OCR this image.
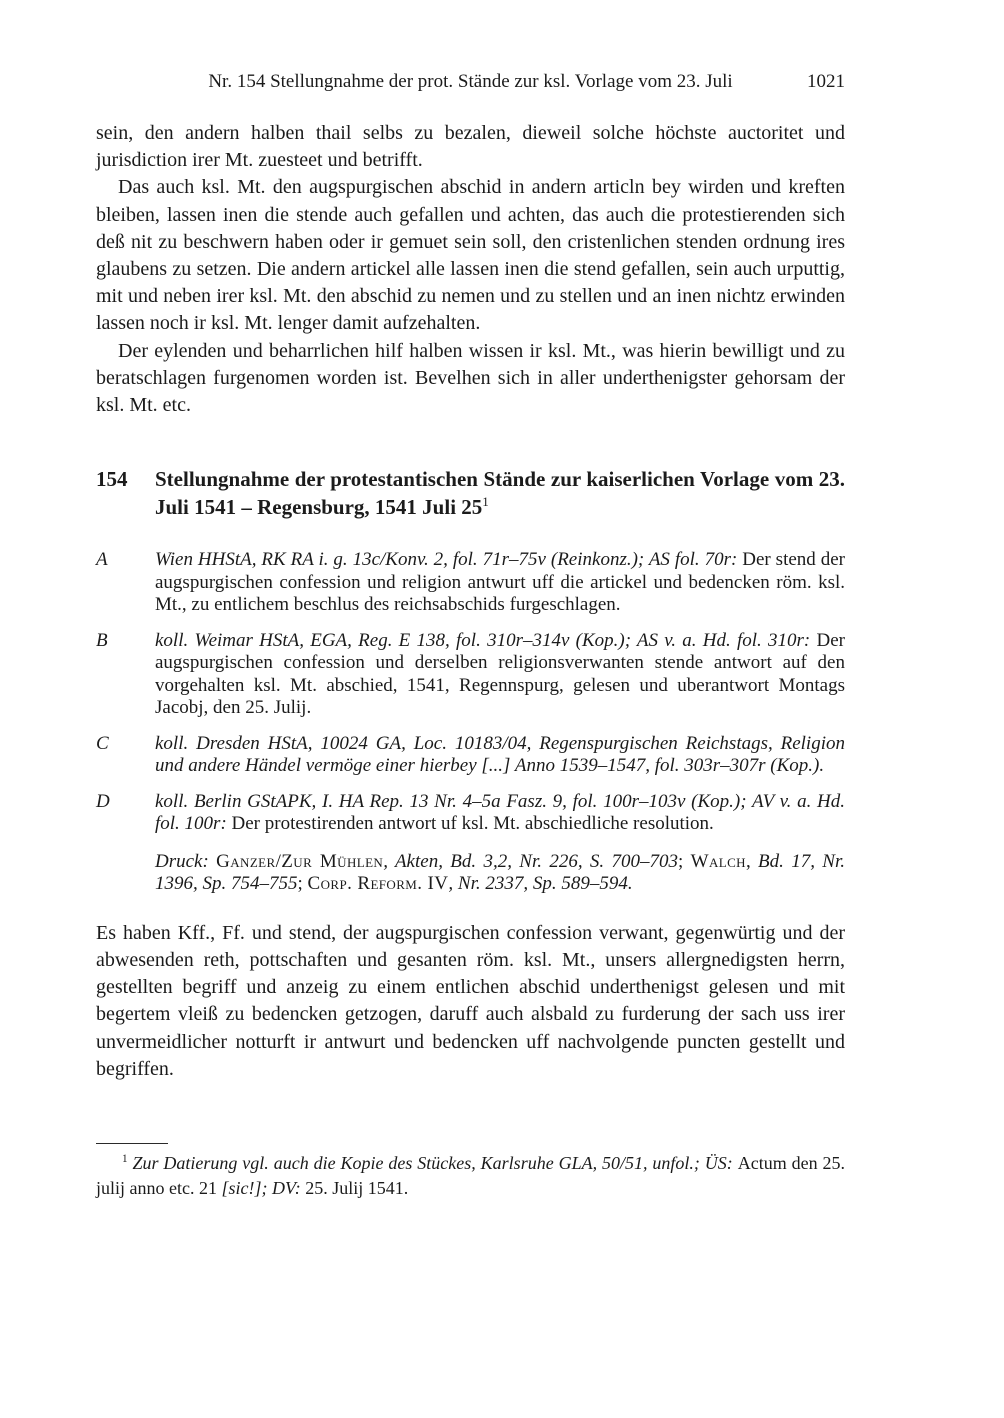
Nr. 154 Stellungnahme der prot. Stände zur ksl. Vorlage vom 23. Juli	1021

sein, den andern halben thail selbs zu bezalen, dieweil solche höchste auctoritet und jurisdiction irer Mt. zuesteet und betrifft.

Das auch ksl. Mt. den augspurgischen abschid in andern articln bey wirden und kreften bleiben, lassen inen die stende auch gefallen und achten, das auch die protestierenden sich deß nit zu beschwern haben oder ir gemuet sein soll, den cristenlichen stenden ordnung ires glaubens zu setzen. Die andern artickel alle lassen inen die stend gefallen, sein auch urputtig, mit und neben irer ksl. Mt. den abschid zu nemen und zu stellen und an inen nichtz erwinden lassen noch ir ksl. Mt. lenger damit aufzehalten.

Der eylenden und beharrlichen hilf halben wissen ir ksl. Mt., was hierin bewilligt und zu beratschlagen furgenomen worden ist. Bevelhen sich in aller underthenigster gehorsam der ksl. Mt. etc.

154	Stellungnahme der protestantischen Stände zur kaiserlichen Vorlage vom 23. Juli 1541 – Regensburg, 1541 Juli 25$^1$
A	Wien HHStA, RK RA i. g. 13c/Konv. 2, fol. 71r–75v (Reinkonz.); AS fol. 70r: Der stend der augspurgischen confession und religion antwurt uff die artickel und bedencken röm. ksl. Mt., zu entlichem beschlus des reichsabschids furgeschlagen.

B	koll. Weimar HStA, EGA, Reg. E 138, fol. 310r–314v (Kop.); AS v. a. Hd. fol. 310r: Der augspurgischen confession und derselben religionsverwanten stende antwort auf den vorgehalten ksl. Mt. abschied, 1541, Regennspurg, gelesen und uberantwort Montags Jacobj, den 25. Julij.

C	koll. Dresden HStA, 10024 GA, Loc. 10183/04, Regenspurgischen Reichstags, Religion und andere Händel vermöge einer hierbey [...] Anno 1539–1547, fol. 303r–307r (Kop.).

D	koll. Berlin GStAPK, I. HA Rep. 13 Nr. 4–5a Fasz. 9, fol. 100r–103v (Kop.); AV v. a. Hd. fol. 100r: Der protestirenden antwort uf ksl. Mt. abschiedliche resolution.

Druck: Ganzer/Zur Mühlen, Akten, Bd. 3,2, Nr. 226, S. 700–703; Walch, Bd. 17, Nr. 1396, Sp. 754–755; Corp. Reform. IV, Nr. 2337, Sp. 589–594.

Es haben Kff., Ff. und stend, der augspurgischen confession verwant, gegenwürtig und der abwesenden reth, pottschaften und gesanten röm. ksl. Mt., unsers allergnedigsten herrn, gestellten begriff und anzeig zu einem entlichen abschid underthenigst gelesen und mit begertem vleiß zu bedencken getzogen, daruff auch alsbald zu furderung der sach uss irer unvermeidlicher notturft ir antwurt und bedencken uff nachvolgende puncten gestellt und begriffen.

$^1$ Zur Datierung vgl. auch die Kopie des Stückes, Karlsruhe GLA, 50/51, unfol.; ÜS: Actum den 25. julij anno etc. 21 [sic!]; DV: 25. Julij 1541.
